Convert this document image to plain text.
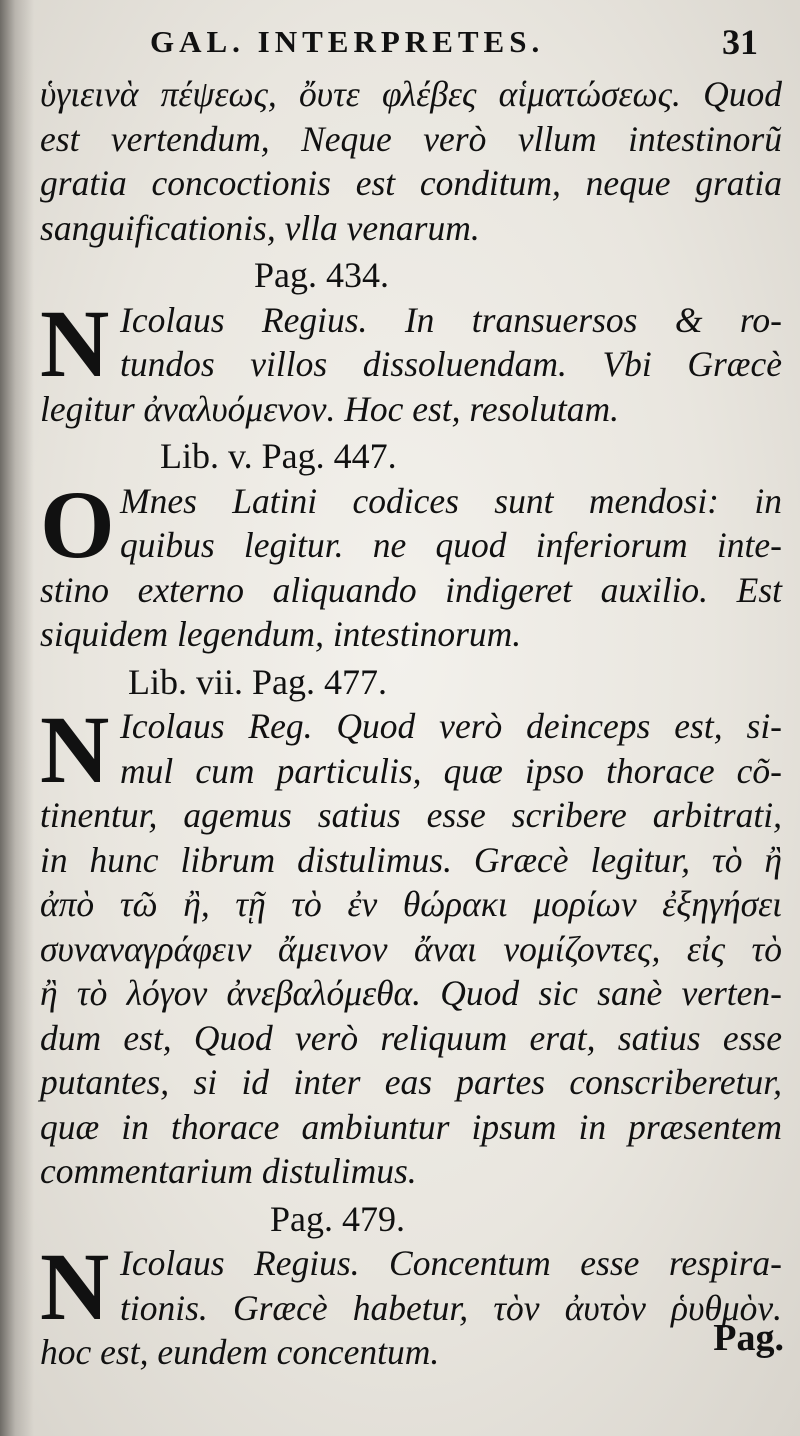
GAL. INTERPRETES.	31
ὑγιεινὰ πέψεως, ὄυτε φλέβες αἱματώσεως. Quod
est vertendum, Neque verò vllum intestinorũ
gratia concoctionis est conditum, neque gratia
sanguificationis, vlla venarum.
Pag. 434.
N Icolaus Regius. In transuersos & ro-
tundos villos dissoluendam. Vbi Græcè
legitur ἀναλυόμενον. Hoc est, resolutam.
Lib. v. Pag. 447.
O Mnes Latini codices sunt mendosi: in
quibus legitur. ne quod inferiorum inte-
stino externo aliquando indigeret auxilio. Est
siquidem legendum, intestinorum.
Lib. vii. Pag. 477.
N Icolaus Reg. Quod verò deinceps est, si-
mul cum particulis, quæ ipso thorace cõ-
tinentur, agemus satius esse scribere arbitrati,
in hunc librum distulimus. Græcè legitur, τὸ ἢ
ἀπὸ τῶ ἢ, τῇ τὸ ἐν θώρακι μορίων ἐξηγήσει
συναναγράφειν ἄμεινον ἄναι νομίζοντες, εἰς τὸ
ἢ τὸ λόγον ἀνεβαλόμεθα. Quod sic sanè verten-
dum est, Quod verò reliquum erat, satius esse
putantes, si id inter eas partes conscriberetur,
quæ in thorace ambiuntur ipsum in præsentem
commentarium distulimus.
Pag. 479.
N Icolaus Regius. Concentum esse respira-
tionis. Græcè habetur, τὸν ἀυτὸν ῥυθμὸν.
hoc est, eundem concentum.	Pag.
